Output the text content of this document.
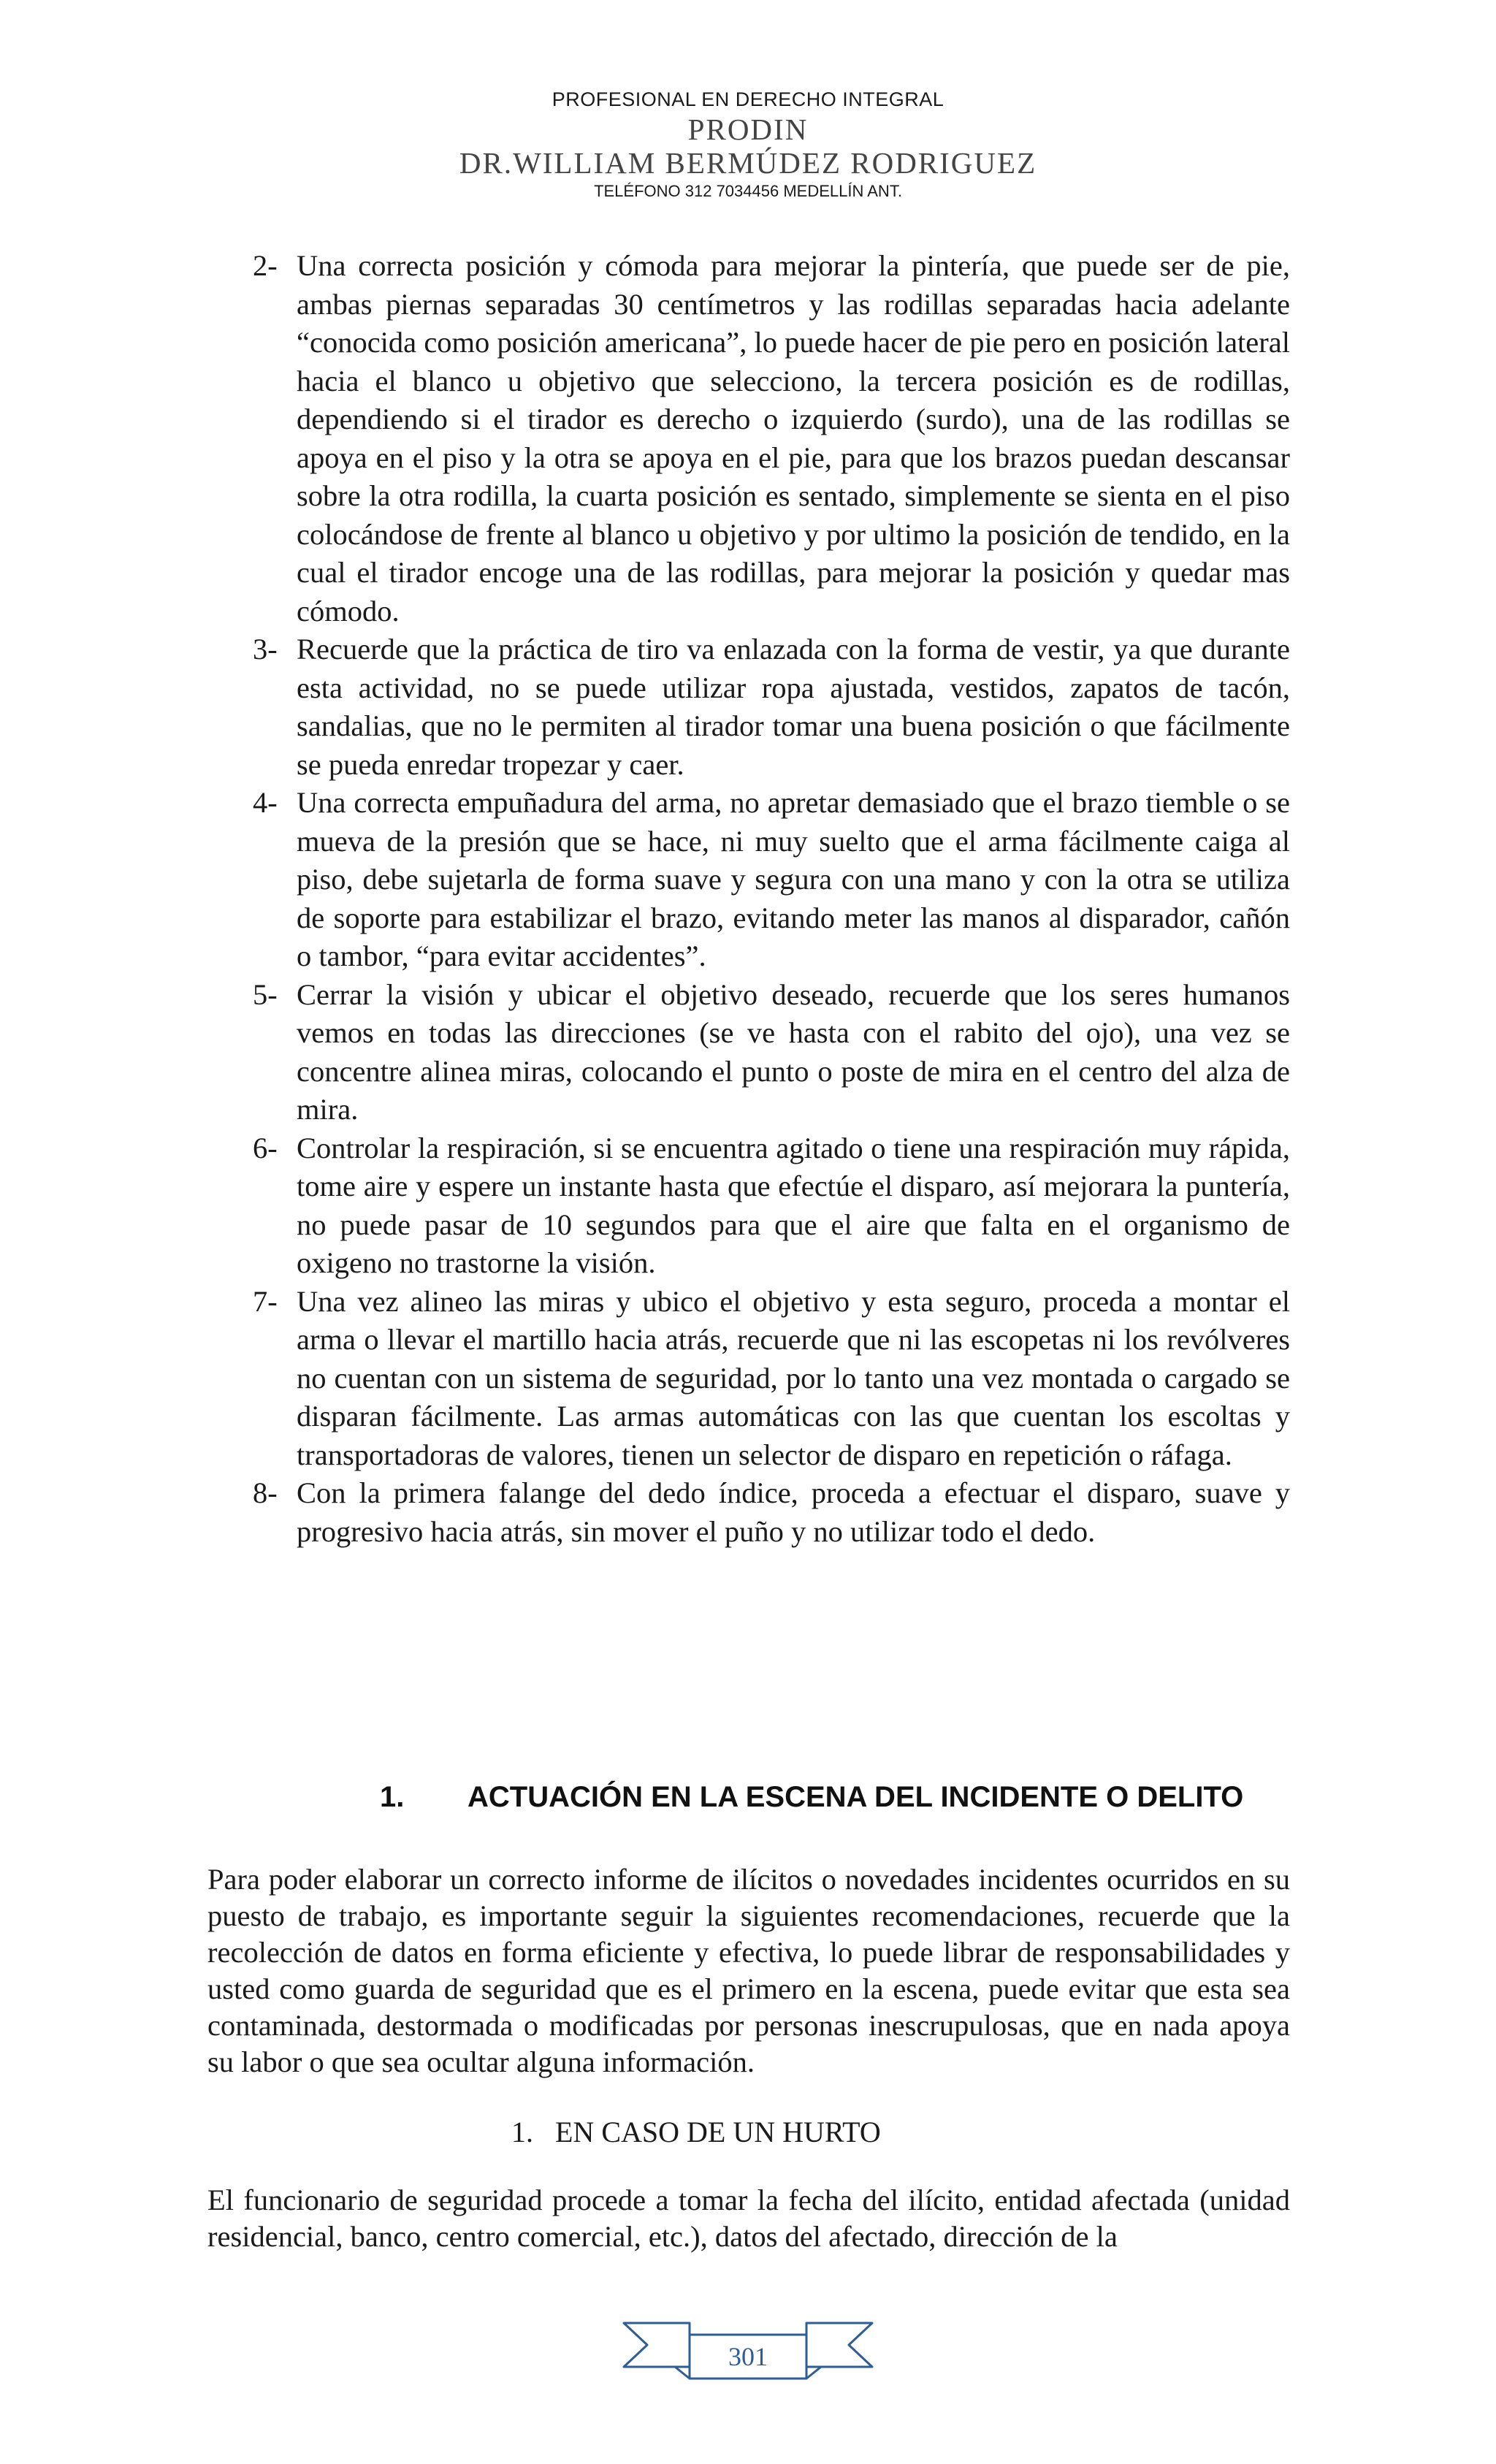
PROFESIONAL EN DERECHO INTEGRAL
PRODIN
DR.WILLIAM BERMÚDEZ RODRIGUEZ
TELÉFONO 312 7034456 MEDELLÍN ANT.
2- Una correcta posición y cómoda para mejorar la pintería, que puede ser de pie, ambas piernas separadas 30 centímetros y las rodillas separadas hacia adelante “conocida como posición americana”, lo puede hacer de pie pero en posición lateral hacia el blanco u objetivo que selecciono, la tercera posición es de rodillas, dependiendo si el tirador es derecho o izquierdo (surdo), una de las rodillas se apoya en el piso y la otra se apoya en el pie, para que los brazos puedan descansar sobre la otra rodilla, la cuarta posición es sentado, simplemente se sienta en el piso colocándose de frente al blanco u objetivo y por ultimo la posición de tendido, en la cual el tirador encoge una de las rodillas, para mejorar la posición y quedar mas cómodo.
3- Recuerde que la práctica de tiro va enlazada con la forma de vestir, ya que durante esta actividad, no se puede utilizar ropa ajustada, vestidos, zapatos de tacón, sandalias, que no le permiten al tirador tomar una buena posición o que fácilmente se pueda enredar tropezar y caer.
4- Una correcta empuñadura del arma, no apretar demasiado que el brazo tiemble o se mueva de la presión que se hace, ni muy suelto que el arma fácilmente caiga al piso, debe sujetarla de forma suave y segura con una mano y con la otra se utiliza de soporte para estabilizar el brazo, evitando meter las manos al disparador, cañón o tambor, “para evitar accidentes”.
5- Cerrar la visión y ubicar el objetivo deseado, recuerde que los seres humanos vemos en todas las direcciones (se ve hasta con el rabito del ojo), una vez se concentre alinea miras, colocando el punto o poste de mira en el centro del alza de mira.
6- Controlar la respiración, si se encuentra agitado o tiene una respiración muy rápida, tome aire y espere un instante hasta que efectúe el disparo, así mejorara la puntería, no puede pasar de 10 segundos para que el aire que falta en el organismo de oxigeno no trastorne la visión.
7- Una vez alineo las miras y ubico el objetivo y esta seguro, proceda a montar el arma o llevar el martillo hacia atrás, recuerde que ni las escopetas ni los revólveres no cuentan con un sistema de seguridad, por lo tanto una vez montada o cargado se disparan fácilmente. Las armas automáticas con las que cuentan los escoltas y transportadoras de valores, tienen un selector de disparo en repetición o ráfaga.
8- Con la primera falange del dedo índice, proceda a efectuar el disparo, suave y progresivo hacia atrás, sin mover el puño y no utilizar todo el dedo.
1. ACTUACIÓN EN LA ESCENA DEL INCIDENTE O DELITO
Para poder elaborar un correcto informe de ilícitos o novedades incidentes ocurridos en su puesto de trabajo, es importante seguir la siguientes recomendaciones, recuerde que la recolección de datos en forma eficiente y efectiva, lo puede librar de responsabilidades y usted como guarda de seguridad que es el primero en la escena, puede evitar que esta sea contaminada, destormada o modificadas por personas inescrupulosas, que en nada apoya su labor o que sea ocultar alguna información.
1. EN CASO DE UN HURTO
El funcionario de seguridad procede a tomar la fecha del ilícito, entidad afectada (unidad residencial, banco, centro comercial, etc.), datos del afectado, dirección de la
301
